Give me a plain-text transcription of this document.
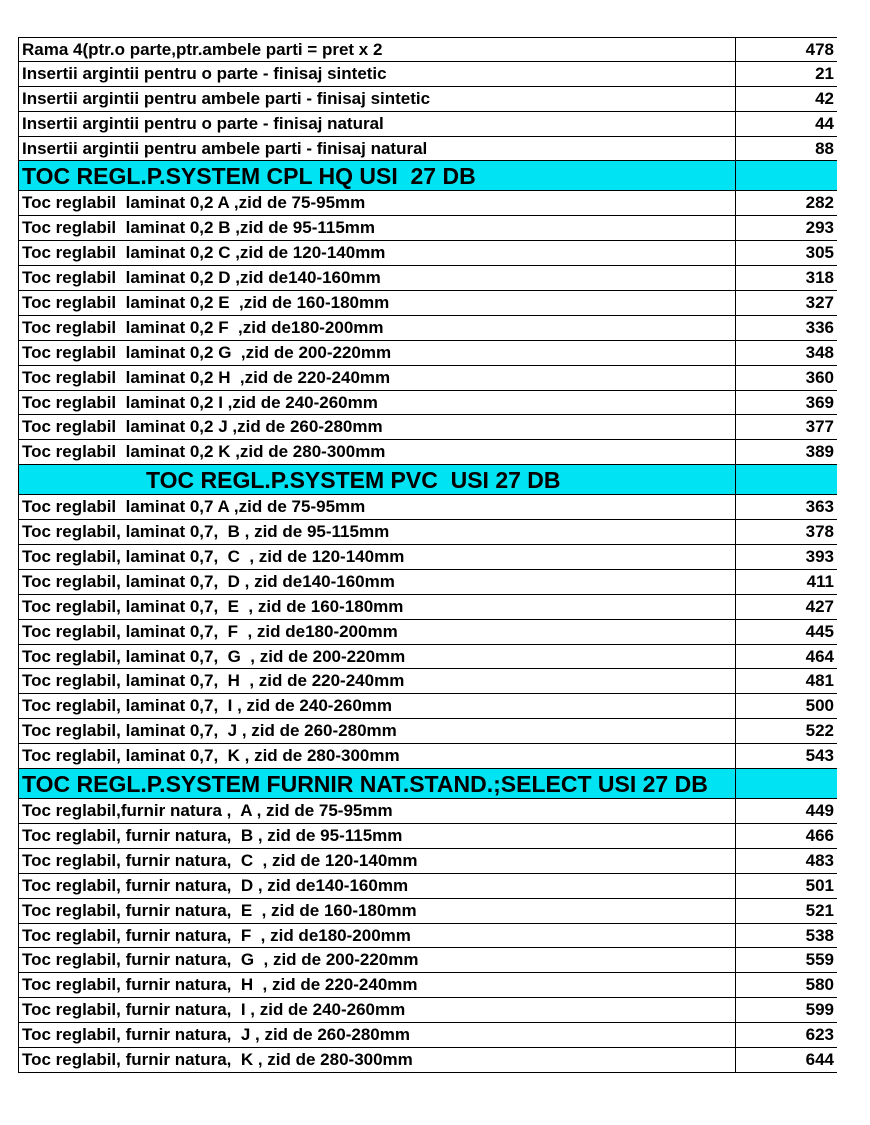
Rama 4(ptr.o parte,ptr.ambele parti = pret x 2	478
Insertii argintii pentru o parte - finisaj sintetic	21
Insertii argintii pentru ambele parti - finisaj sintetic	42
Insertii argintii pentru o parte - finisaj natural	44
Insertii argintii pentru ambele parti - finisaj natural	88
TOC REGL.P.SYSTEM CPL HQ USI  27 DB
Toc reglabil  laminat 0,2 A ,zid de 75-95mm	282
Toc reglabil  laminat 0,2 B ,zid de 95-115mm	293
Toc reglabil  laminat 0,2 C ,zid de 120-140mm	305
Toc reglabil  laminat 0,2 D ,zid de140-160mm	318
Toc reglabil  laminat 0,2 E  ,zid de 160-180mm	327
Toc reglabil  laminat 0,2 F  ,zid de180-200mm	336
Toc reglabil  laminat 0,2 G  ,zid de 200-220mm	348
Toc reglabil  laminat 0,2 H  ,zid de 220-240mm	360
Toc reglabil  laminat 0,2 I ,zid de 240-260mm	369
Toc reglabil  laminat 0,2 J ,zid de 260-280mm	377
Toc reglabil  laminat 0,2 K ,zid de 280-300mm	389
TOC REGL.P.SYSTEM PVC  USI 27 DB
Toc reglabil  laminat 0,7 A ,zid de 75-95mm	363
Toc reglabil, laminat 0,7,  B , zid de 95-115mm	378
Toc reglabil, laminat 0,7,  C  , zid de 120-140mm	393
Toc reglabil, laminat 0,7,  D , zid de140-160mm	411
Toc reglabil, laminat 0,7,  E  , zid de 160-180mm	427
Toc reglabil, laminat 0,7,  F  , zid de180-200mm	445
Toc reglabil, laminat 0,7,  G  , zid de 200-220mm	464
Toc reglabil, laminat 0,7,  H  , zid de 220-240mm	481
Toc reglabil, laminat 0,7,  I , zid de 240-260mm	500
Toc reglabil, laminat 0,7,  J , zid de 260-280mm	522
Toc reglabil, laminat 0,7,  K , zid de 280-300mm	543
TOC REGL.P.SYSTEM FURNIR NAT.STAND.;SELECT USI 27 DB
Toc reglabil,furnir natura ,  A , zid de 75-95mm	449
Toc reglabil, furnir natura,  B , zid de 95-115mm	466
Toc reglabil, furnir natura,  C  , zid de 120-140mm	483
Toc reglabil, furnir natura,  D , zid de140-160mm	501
Toc reglabil, furnir natura,  E  , zid de 160-180mm	521
Toc reglabil, furnir natura,  F  , zid de180-200mm	538
Toc reglabil, furnir natura,  G  , zid de 200-220mm	559
Toc reglabil, furnir natura,  H  , zid de 220-240mm	580
Toc reglabil, furnir natura,  I , zid de 240-260mm	599
Toc reglabil, furnir natura,  J , zid de 260-280mm	623
Toc reglabil, furnir natura,  K , zid de 280-300mm	644
